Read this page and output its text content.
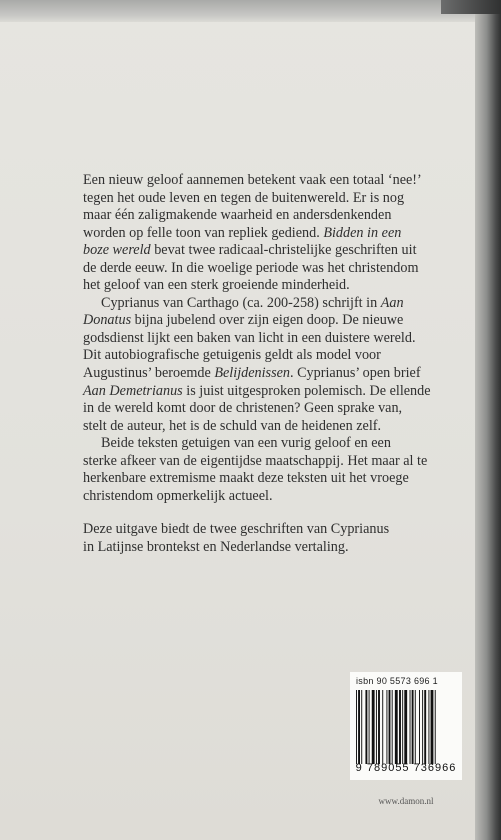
Een nieuw geloof aannemen betekent vaak een totaal ‘nee!’
tegen het oude leven en tegen de buitenwereld. Er is nog
maar één zaligmakende waarheid en andersdenkenden
worden op felle toon van repliek gediend. Bidden in een
boze wereld bevat twee radicaal-christelijke geschriften uit
de derde eeuw. In die woelige periode was het christendom
het geloof van een sterk groeiende minderheid.

Cyprianus van Carthago (ca. 200-258) schrijft in Aan
Donatus bijna jubelend over zijn eigen doop. De nieuwe
godsdienst lijkt een baken van licht in een duistere wereld.
Dit autobiografische getuigenis geldt als model voor
Augustinus’ beroemde Belijdenissen. Cyprianus’ open brief
Aan Demetrianus is juist uitgesproken polemisch. De ellende
in de wereld komt door de christenen? Geen sprake van,
stelt de auteur, het is de schuld van de heidenen zelf.

Beide teksten getuigen van een vurig geloof en een
sterke afkeer van de eigentijdse maatschappij. Het maar al te
herkenbare extremisme maakt deze teksten uit het vroege
christendom opmerkelijk actueel.

Deze uitgave biedt de twee geschriften van Cyprianus
in Latijnse brontekst en Nederlandse vertaling.

isbn 90 5573 696 1
9 789055 736966
www.damon.nl
